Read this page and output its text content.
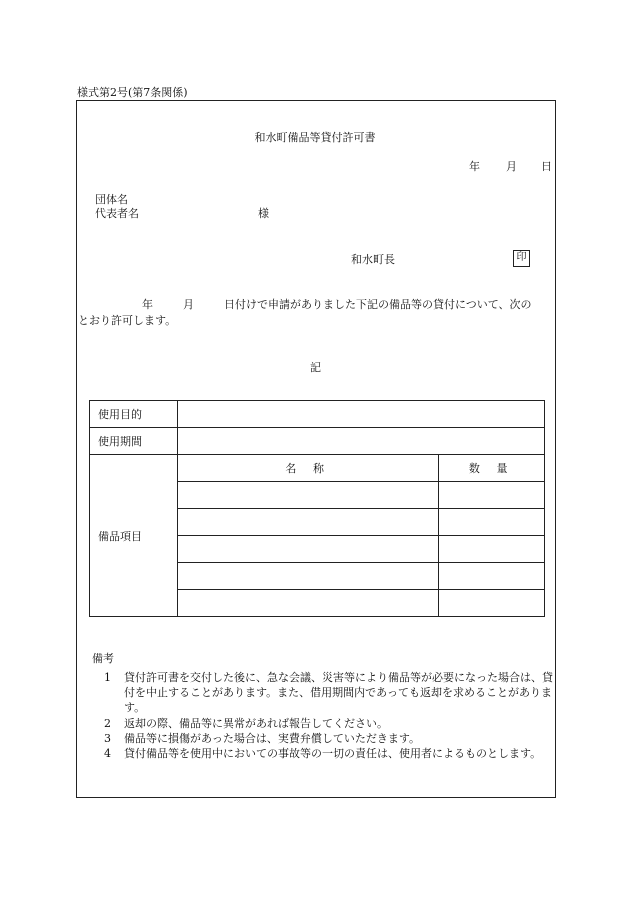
様式第2号(第7条関係)
和水町備品等貸付許可書
年 月 日
団体名
代表者名	様
和水町長	印
年	月	日付けで申請がありました下記の備品等の貸付について、次の
とおり許可します。
記
使用目的		
使用期間		
備品項目	名 称	数 量

備考
1 貸付許可書を交付した後に、急な会議、災害等により備品等が必要になった場合は、貸付を中止することがあります。また、借用期間内であっても返却を求めることがあります。
2 返却の際、備品等に異常があれば報告してください。
3 備品等に損傷があった場合は、実費弁償していただきます。
4 貸付備品等を使用中においての事故等の一切の責任は、使用者によるものとします。
